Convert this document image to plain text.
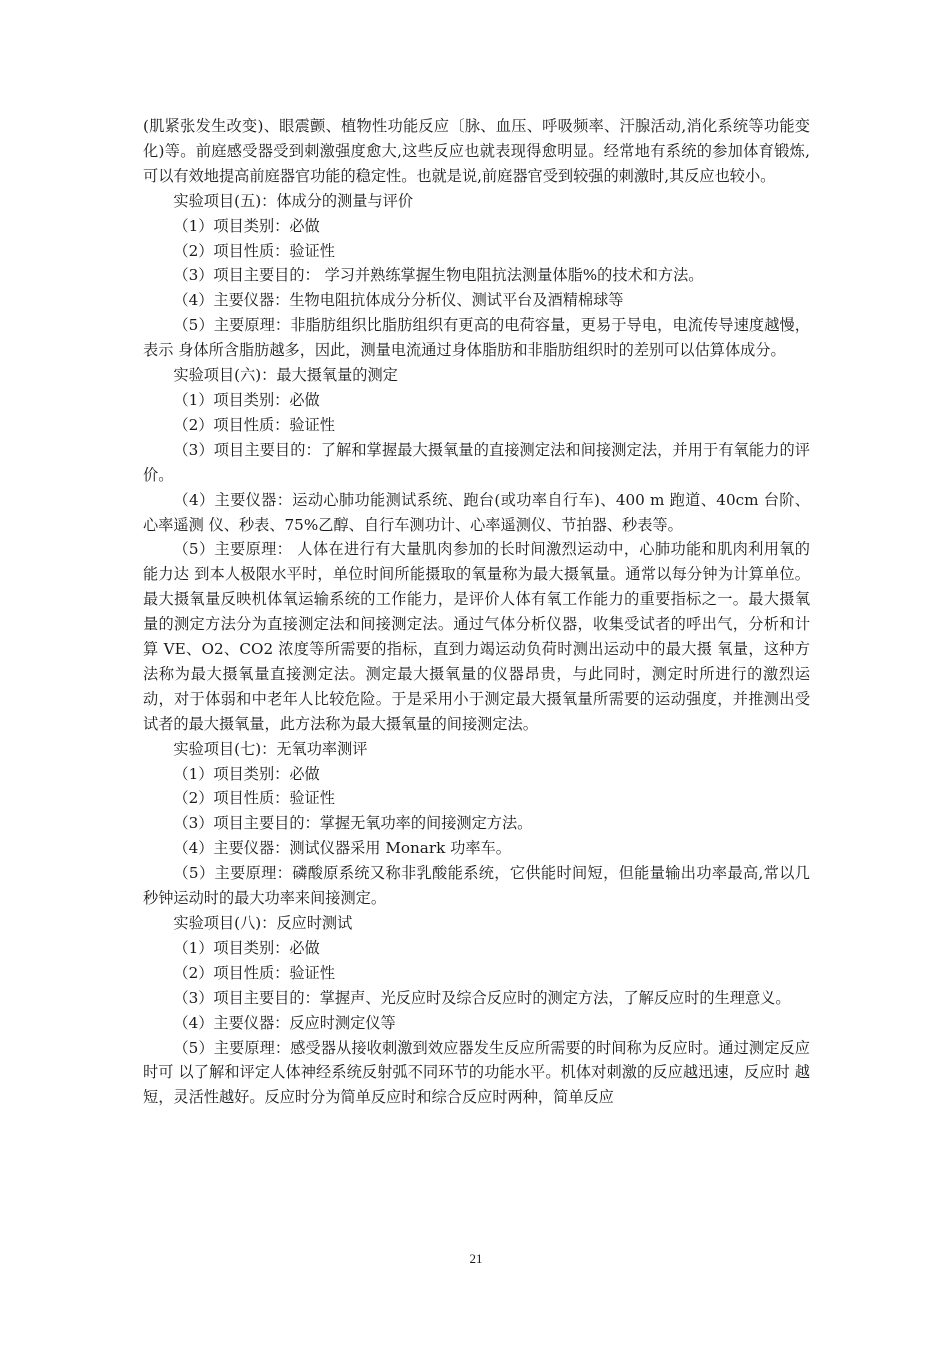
(肌紧张发生改变)、眼震颤、植物性功能反应〔脉、血压、呼吸频率、汗腺活动,消化系统等功能变化)等。前庭感受器受到刺激强度愈大,这些反应也就表现得愈明显。经常地有系统的参加体育锻炼,可以有效地提高前庭器官功能的稳定性。也就是说,前庭器官受到较强的刺激时,其反应也较小。

实验项目(五)：体成分的测量与评价

（1）项目类别：必做

（2）项目性质：验证性

（3）项目主要目的： 学习并熟练掌握生物电阻抗法测量体脂%的技术和方法。

（4）主要仪器：生物电阻抗体成分分析仪、测试平台及酒精棉球等

（5）主要原理：非脂肪组织比脂肪组织有更高的电荷容量，更易于导电，电流传导速度越慢，表示 身体所含脂肪越多，因此，测量电流通过身体脂肪和非脂肪组织时的差别可以估算体成分。

实验项目(六)：最大摄氧量的测定

（1）项目类别：必做

（2）项目性质：验证性

（3）项目主要目的：了解和掌握最大摄氧量的直接测定法和间接测定法，并用于有氧能力的评价。

（4）主要仪器：运动心肺功能测试系统、跑台(或功率自行车)、400 m 跑道、40cm 台阶、心率遥测 仪、秒表、75%乙醇、自行车测功计、心率遥测仪、节拍器、秒表等。

（5）主要原理： 人体在进行有大量肌肉参加的长时间激烈运动中，心肺功能和肌肉利用氧的能力达 到本人极限水平时，单位时间所能摄取的氧量称为最大摄氧量。通常以每分钟为计算单位。最大摄氧量反映机体氧运输系统的工作能力，是评价人体有氧工作能力的重要指标之一。最大摄氧量的测定方法分为直接测定法和间接测定法。通过气体分析仪器，收集受试者的呼出气，分析和计算 VE、O2、CO2 浓度等所需要的指标，直到力竭运动负荷时测出运动中的最大摄 氧量，这种方法称为最大摄氧量直接测定法。测定最大摄氧量的仪器昂贵，与此同时，测定时所进行的激烈运动，对于体弱和中老年人比较危险。于是采用小于测定最大摄氧量所需要的运动强度，并推测出受试者的最大摄氧量，此方法称为最大摄氧量的间接测定法。

实验项目(七)：无氧功率测评

（1）项目类别：必做

（2）项目性质：验证性

（3）项目主要目的：掌握无氧功率的间接测定方法。

（4）主要仪器：测试仪器采用 Monark 功率车。

（5）主要原理：磷酸原系统又称非乳酸能系统，它供能时间短，但能量输出功率最高,常以几秒钟运动时的最大功率来间接测定。

实验项目(八)：反应时测试

（1）项目类别：必做

（2）项目性质：验证性

（3）项目主要目的：掌握声、光反应时及综合反应时的测定方法，了解反应时的生理意义。

（4）主要仪器：反应时测定仪等

（5）主要原理：感受器从接收刺激到效应器发生反应所需要的时间称为反应时。通过测定反应时可 以了解和评定人体神经系统反射弧不同环节的功能水平。机体对刺激的反应越迅速，反应时 越短，灵活性越好。反应时分为简单反应时和综合反应时两种，简单反应

21
